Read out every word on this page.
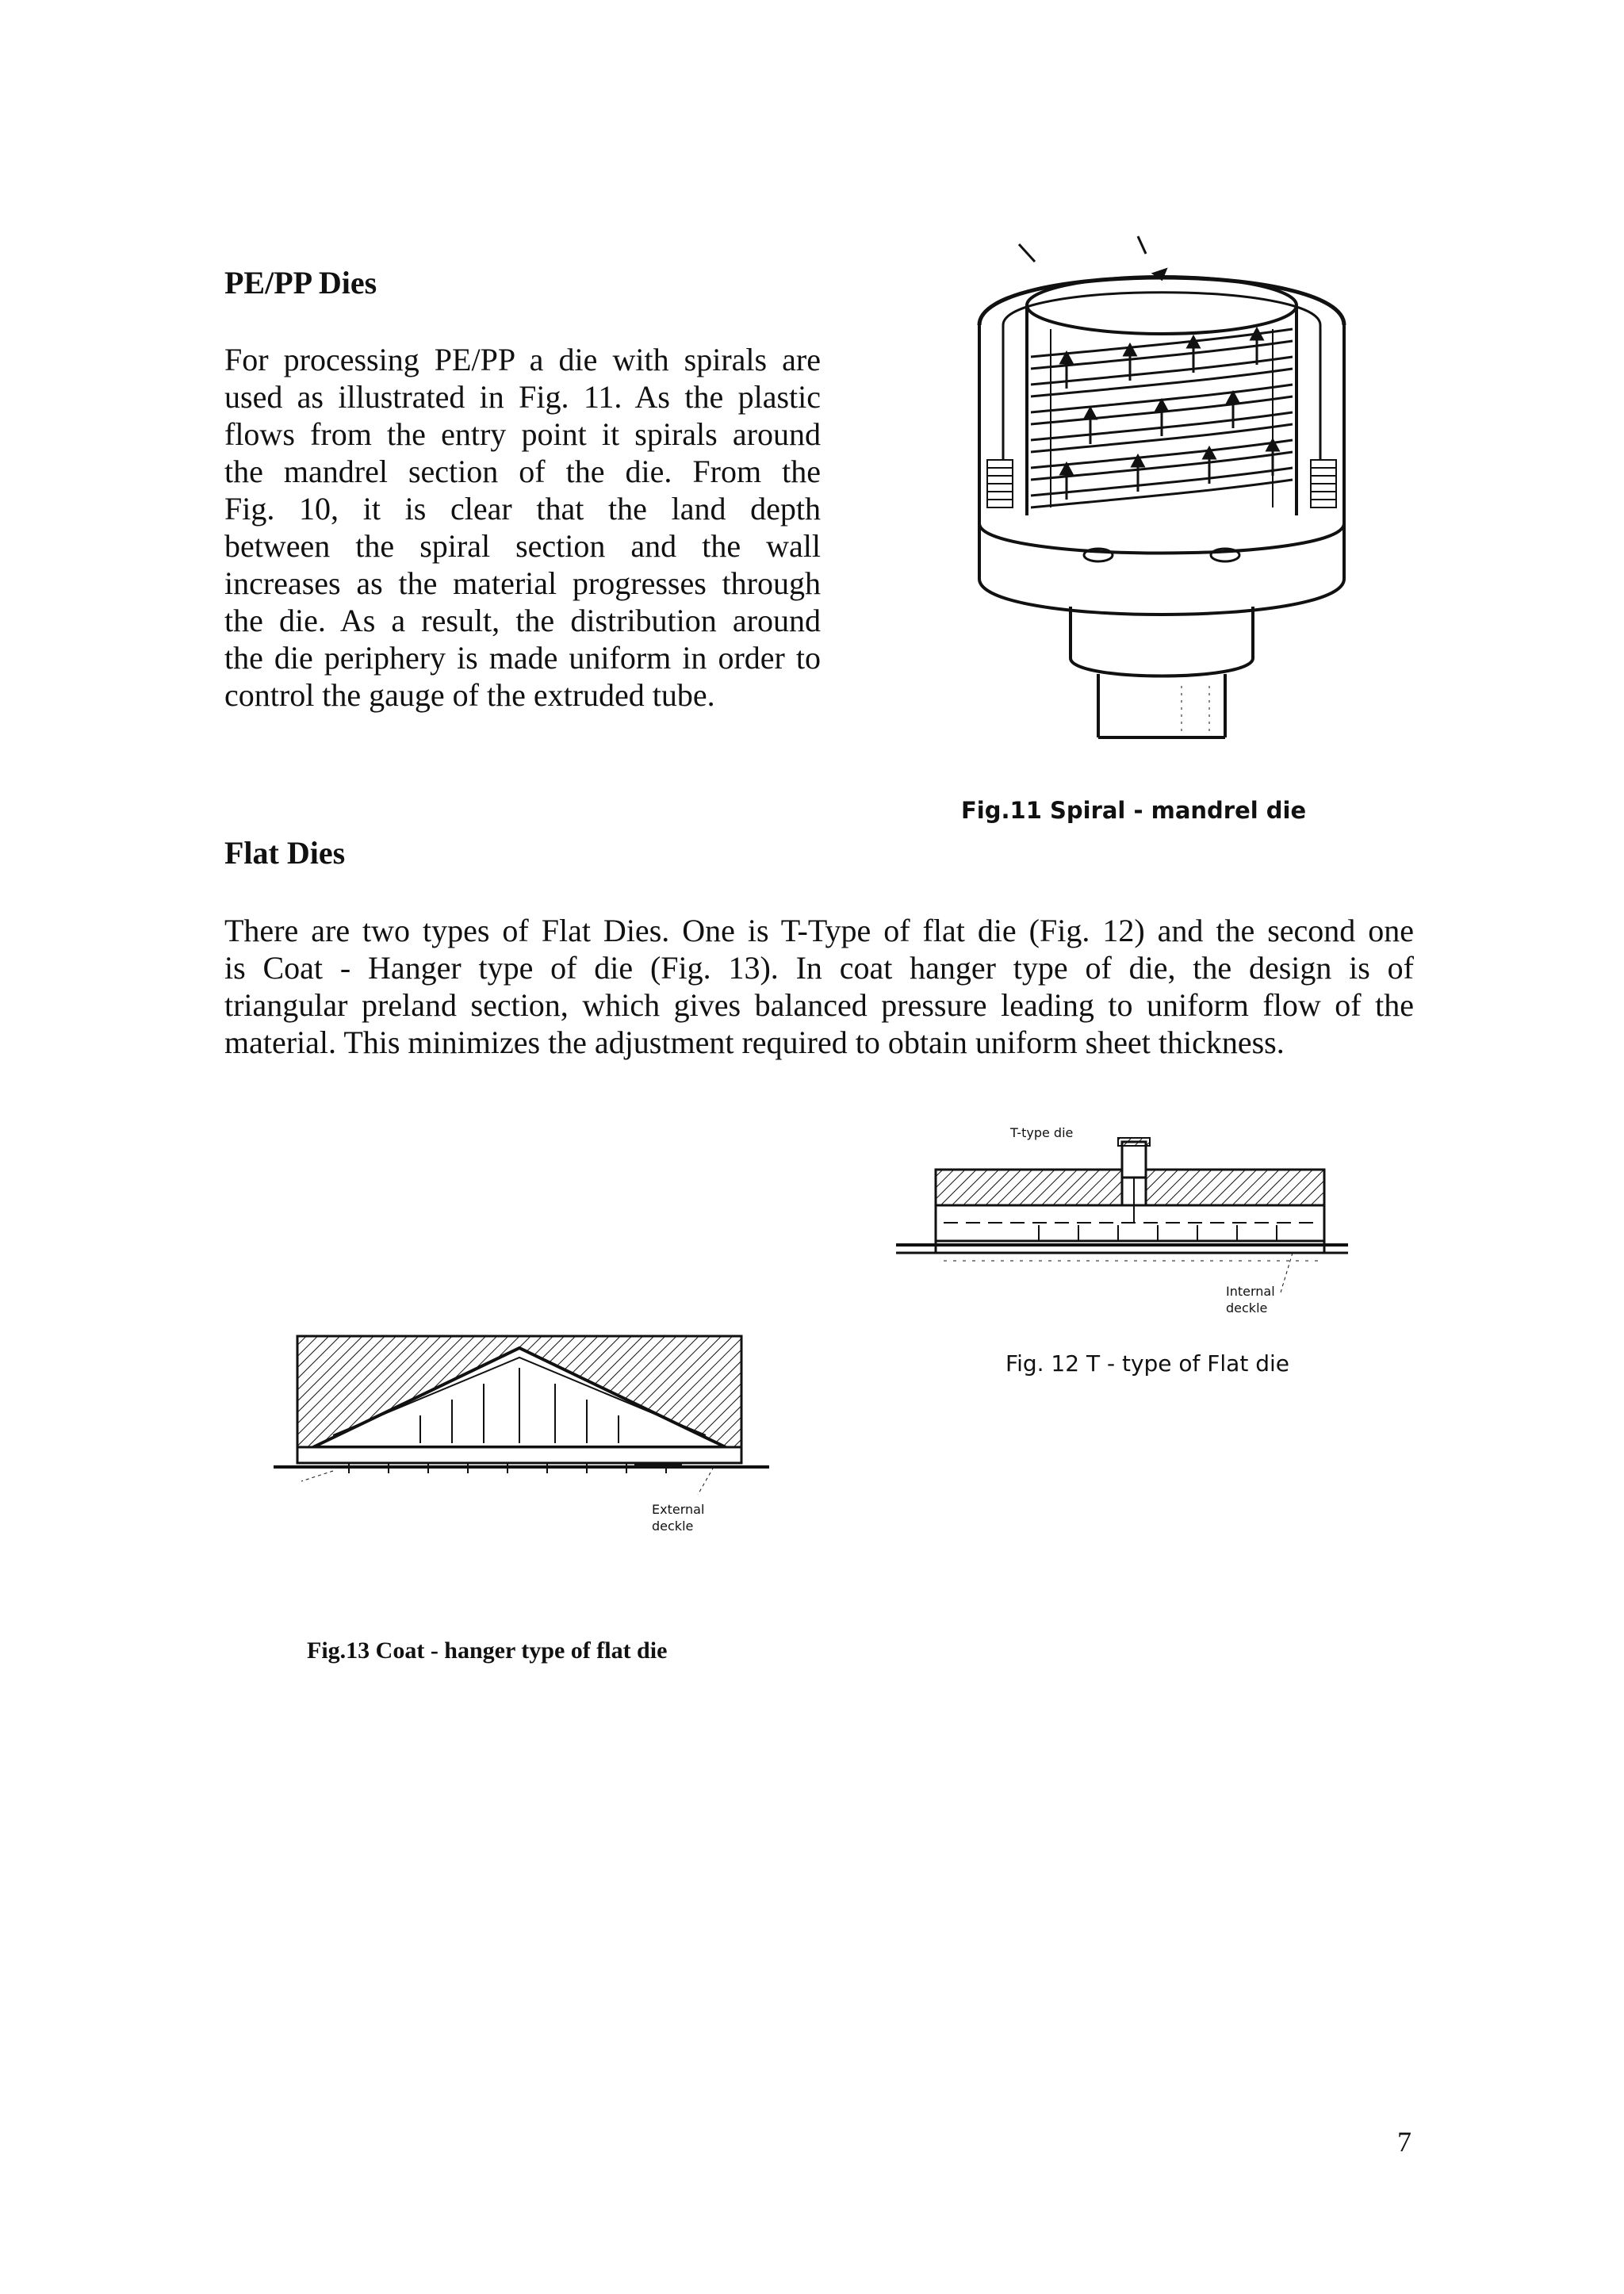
PE/PP Dies
For processing PE/PP a die with spirals are
used as illustrated in Fig. 11. As the plastic
flows from the entry point it spirals around
the mandrel section of the die. From the
Fig. 10, it is clear that the land depth
between the spiral section and the wall
increases as the material progresses through
the die. As a result, the distribution around
the die periphery is made uniform in order to
control the gauge of the extruded tube.
Fig.11 Spiral - mandrel die
Flat Dies
There are two types of Flat Dies. One is T-Type of flat die (Fig. 12) and the second one
is Coat - Hanger type of die (Fig. 13). In coat hanger type of die, the design is of
triangular preland section, which gives balanced pressure leading to uniform flow of the
material. This minimizes the adjustment required to obtain uniform sheet thickness.
T-type die
Internal
deckle
Fig. 12 T - type of Flat die
External
deckle
Fig.13 Coat - hanger type of flat die
7
